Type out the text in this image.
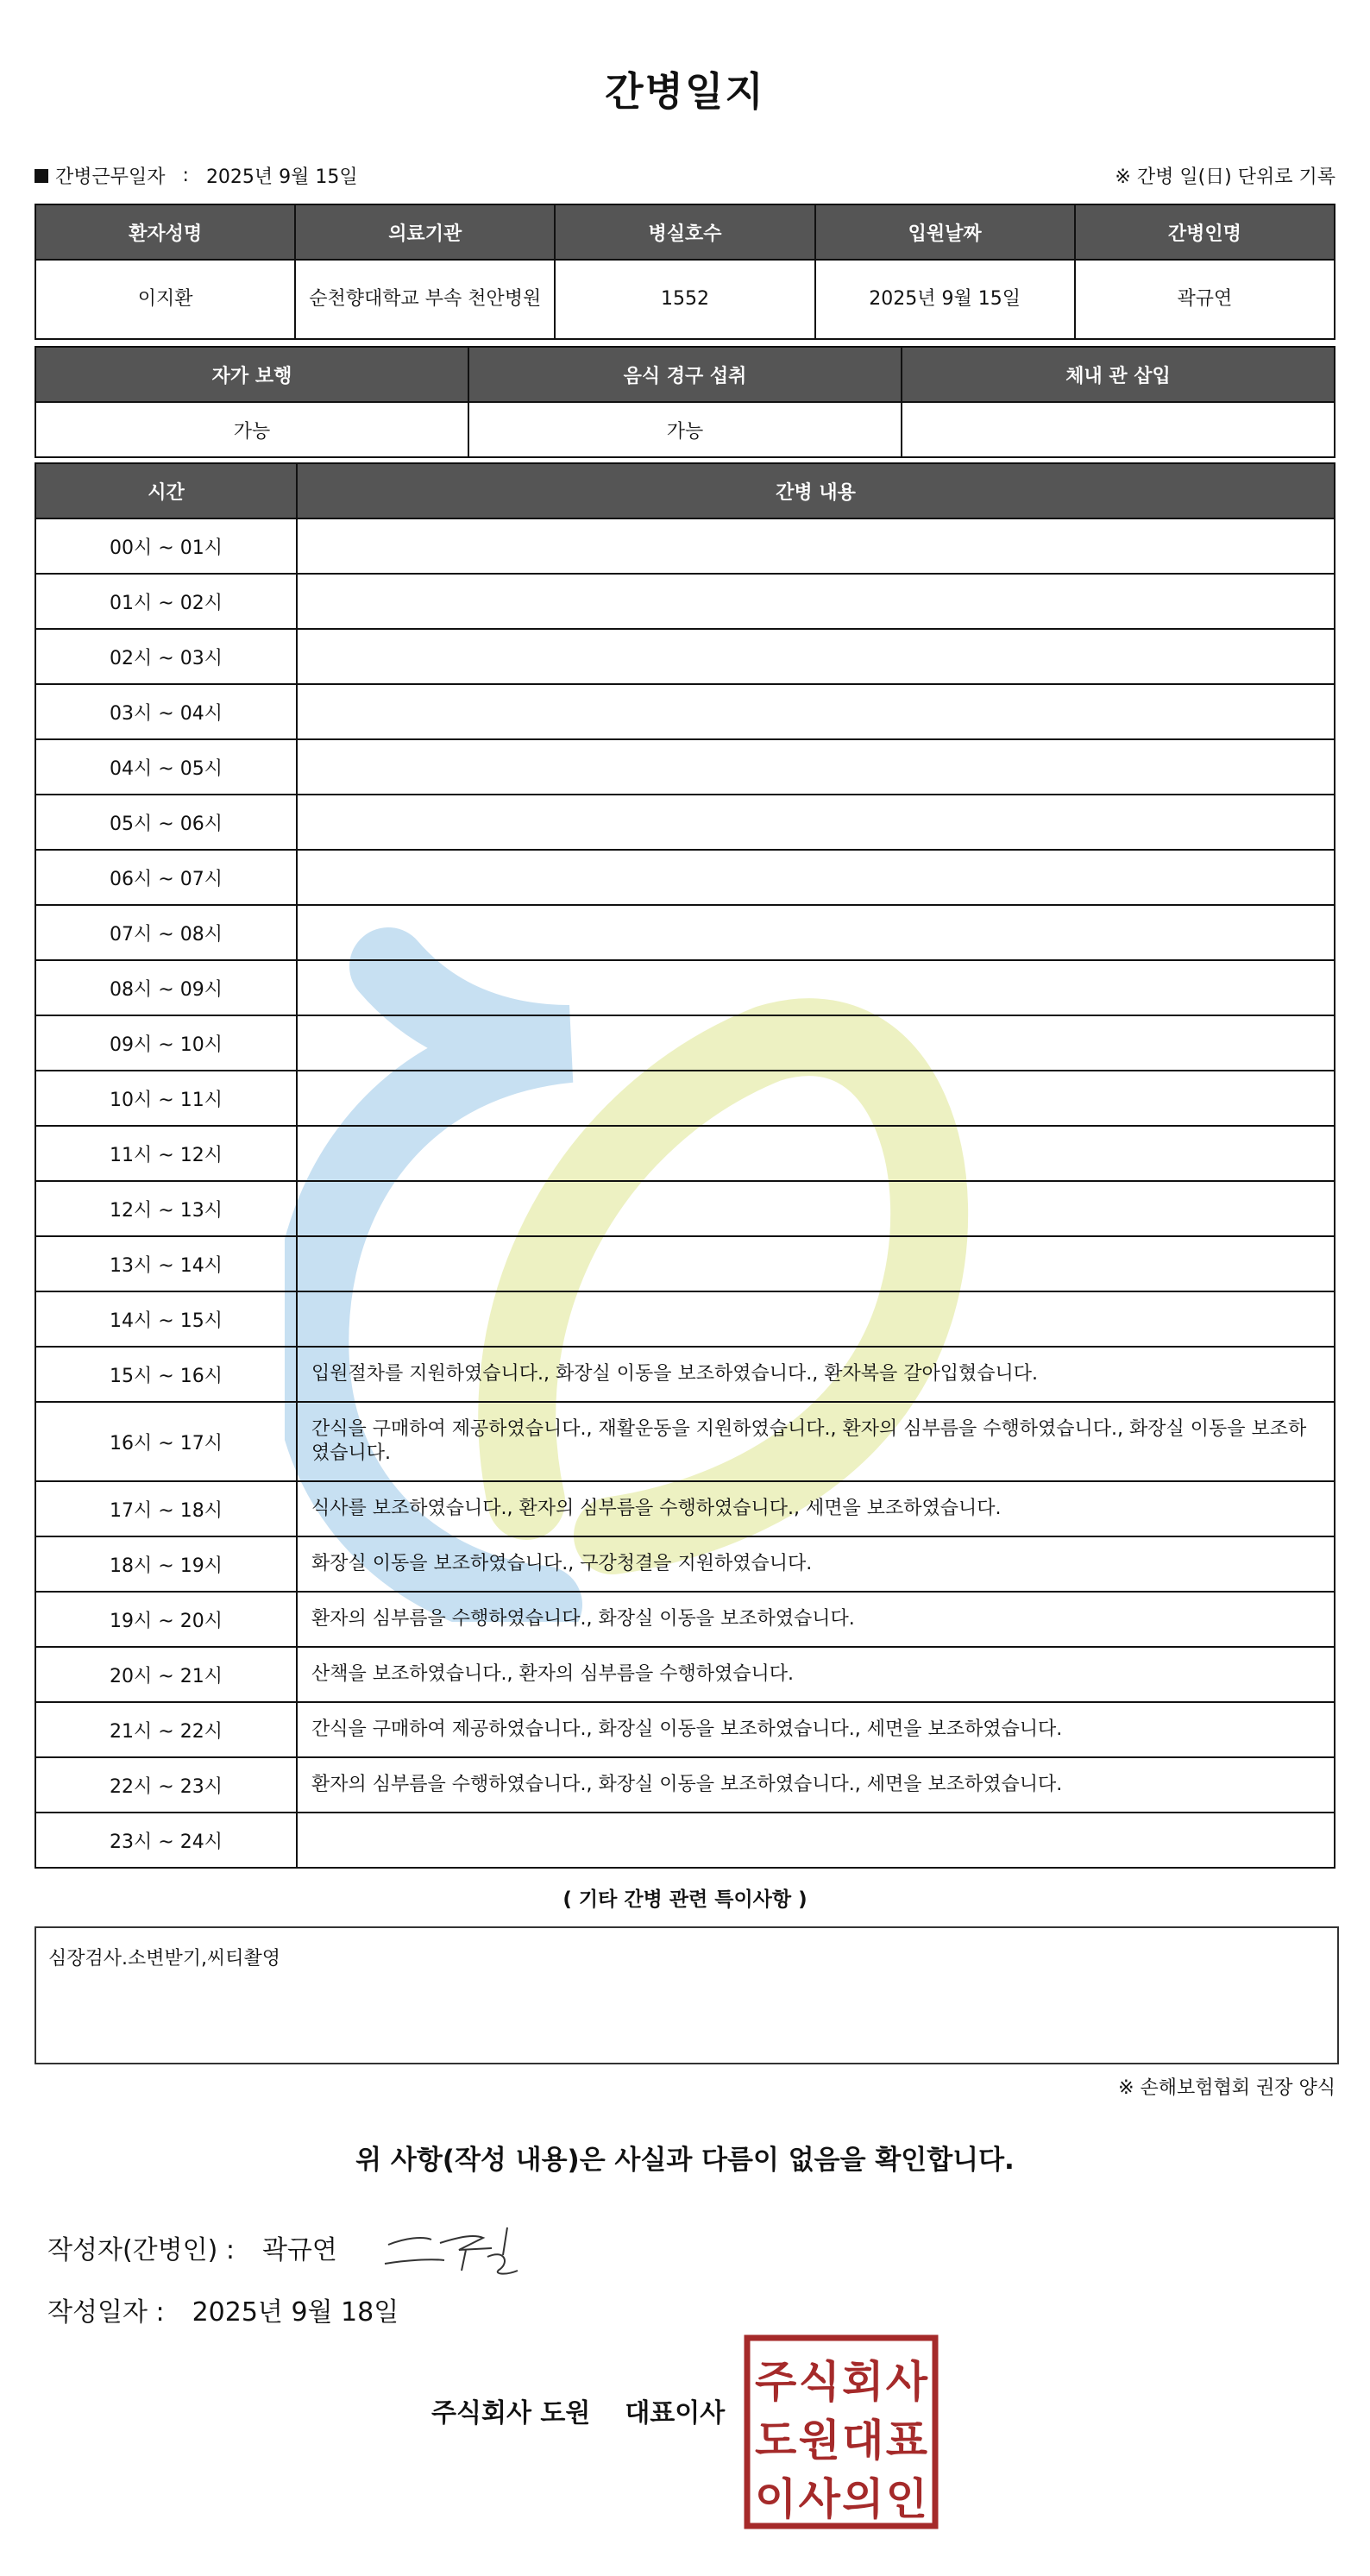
간병일지
간병근무일자 : 2025년 9월 15일	※ 간병 일(日) 단위로 기록
환자성명	의료기관	병실호수	입원날짜	간병인명
이지환	순천향대학교 부속 천안병원	1552	2025년 9월 15일	곽규연
자가 보행	음식 경구 섭취	체내 관 삽입
가능	가능	
시간	간병 내용
00시 ~ 01시	
01시 ~ 02시	
02시 ~ 03시	
03시 ~ 04시	
04시 ~ 05시	
05시 ~ 06시	
06시 ~ 07시	
07시 ~ 08시	
08시 ~ 09시	
09시 ~ 10시	
10시 ~ 11시	
11시 ~ 12시	
12시 ~ 13시	
13시 ~ 14시	
14시 ~ 15시	
15시 ~ 16시	입원절차를 지원하였습니다., 화장실 이동을 보조하였습니다., 환자복을 갈아입혔습니다.
16시 ~ 17시	간식을 구매하여 제공하였습니다., 재활운동을 지원하였습니다., 환자의 심부름을 수행하였습니다., 화장실 이동을 보조하였습니다.
17시 ~ 18시	식사를 보조하였습니다., 환자의 심부름을 수행하였습니다., 세면을 보조하였습니다.
18시 ~ 19시	화장실 이동을 보조하였습니다., 구강청결을 지원하였습니다.
19시 ~ 20시	환자의 심부름을 수행하였습니다., 화장실 이동을 보조하였습니다.
20시 ~ 21시	산책을 보조하였습니다., 환자의 심부름을 수행하였습니다.
21시 ~ 22시	간식을 구매하여 제공하였습니다., 화장실 이동을 보조하였습니다., 세면을 보조하였습니다.
22시 ~ 23시	환자의 심부름을 수행하였습니다., 화장실 이동을 보조하였습니다., 세면을 보조하였습니다.
23시 ~ 24시	
( 기타 간병 관련 특이사항 )
심장검사.소변받기,씨티촬영
※ 손해보험협회 권장 양식
위 사항(작성 내용)은 사실과 다름이 없음을 확인합니다.
작성자(간병인) : 곽규연
작성일자 : 2025년 9월 18일
주식회사 도원 대표이사
주식회사
도원대표
이사의인
